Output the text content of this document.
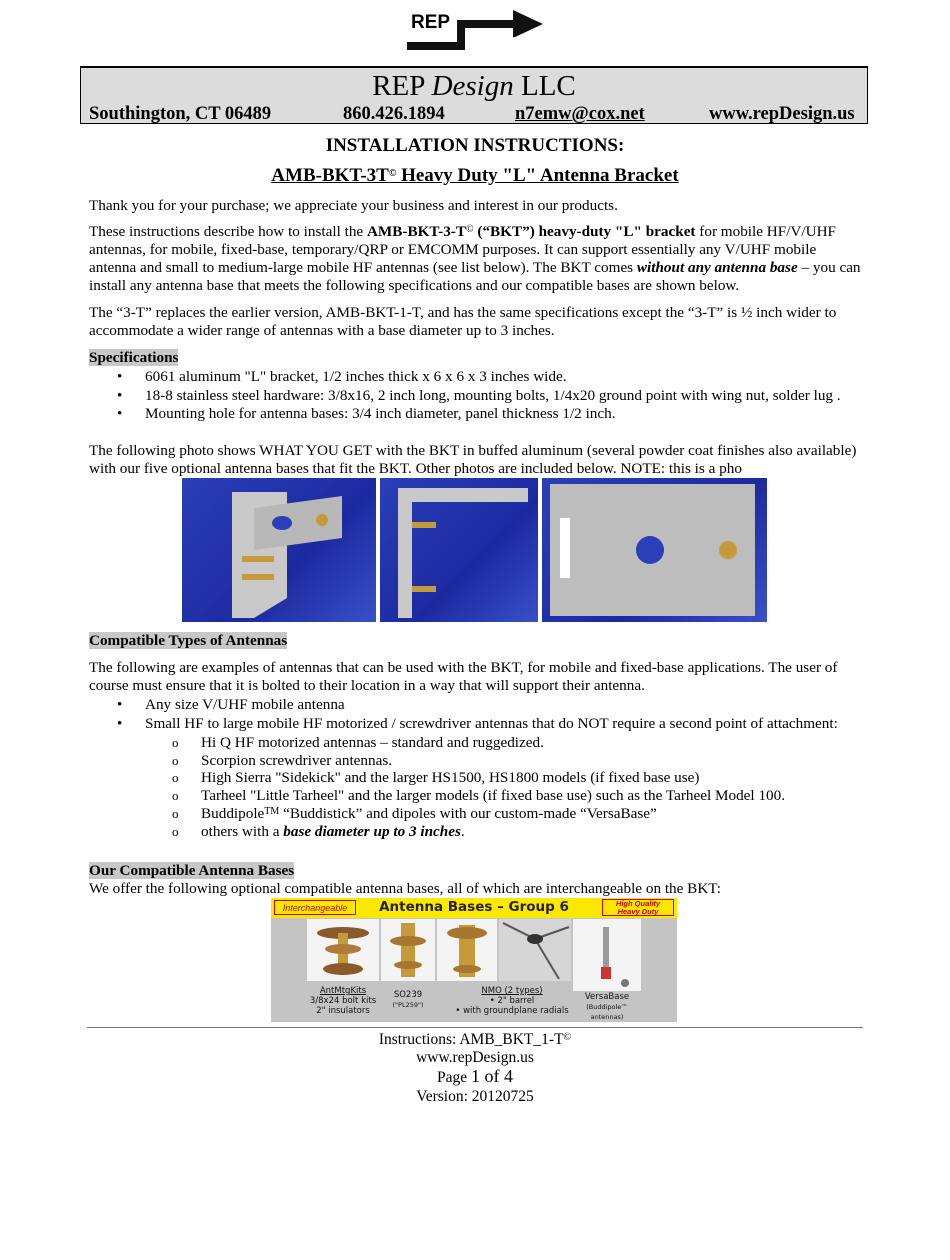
REP
Design
REP Design LLC
Southington, CT 06489	860.426.1894	n7emw@cox.net	www.repDesign.us
INSTALLATION INSTRUCTIONS:
AMB-BKT-3T© Heavy Duty "L" Antenna Bracket
Thank you for your purchase; we appreciate your business and interest in our products.
These instructions describe how to install the AMB-BKT-3-T© (“BKT”) heavy-duty "L" bracket for mobile HF/V/UHF antennas, for mobile, fixed-base, temporary/QRP or EMCOMM purposes. It can support essentially any V/UHF mobile antenna and small to medium-large mobile HF antennas (see list below). The BKT comes without any antenna base – you can install any antenna base that meets the following specifications and our compatible bases are shown below.
The “3-T” replaces the earlier version, AMB-BKT-1-T, and has the same specifications except the “3-T” is ½ inch wider to accommodate a wider range of antennas with a base diameter up to 3 inches.
Specifications
• 6061 aluminum "L" bracket, 1/2 inches thick x 6 x 6 x 3 inches wide.
• 18-8 stainless steel hardware: 3/8x16, 2 inch long, mounting bolts, 1/4x20 ground point with wing nut, solder lug .
• Mounting hole for antenna bases: 3/4 inch diameter, panel thickness 1/2 inch.
The following photo shows WHAT YOU GET with the BKT in buffed aluminum (several powder coat finishes also available) with our five optional antenna bases that fit the BKT. Other photos are included below. NOTE: this is a pho
Compatible Types of Antennas
The following are examples of antennas that can be used with the BKT, for mobile and fixed-base applications. The user of course must ensure that it is bolted to their location in a way that will support their antenna.
• Any size V/UHF mobile antenna
• Small HF to large mobile HF motorized / screwdriver antennas that do NOT require a second point of attachment:
o Hi Q HF motorized antennas – standard and ruggedized.
o Scorpion screwdriver antennas.
o High Sierra "Sidekick" and the larger HS1500, HS1800 models (if fixed base use)
o Tarheel "Little Tarheel" and the larger models (if fixed base use) such as the Tarheel Model 100.
o Buddipole™ “Buddistick” and dipoles with our custom-made “VersaBase”
o others with a base diameter up to 3 inches.
Our Compatible Antenna Bases
We offer the following optional compatible antenna bases, all of which are interchangeable on the BKT:
Antenna Bases – Group 6
Interchangeable	High Quality
Heavy Duty
AntMtgKits
3/8x24 bolt kits
2" insulators
SO239
("PL259")
NMO (2 types)
• 2" barrel
• with groundplane radials
VersaBase
(Buddipole™
antennas)
Instructions: AMB_BKT_1-T©
www.repDesign.us
Page 1 of 4
Version: 20120725
